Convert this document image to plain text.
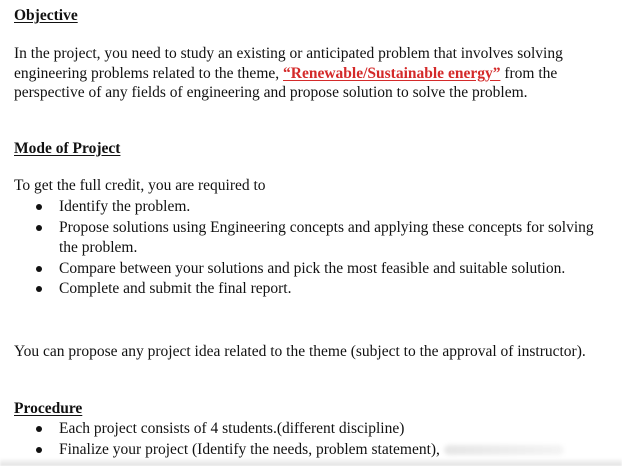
Objective

In the project, you need to study an existing or anticipated problem that involves solving engineering problems related to the theme, “Renewable/Sustainable energy” from the perspective of any fields of engineering and propose solution to solve the problem.

Mode of Project

To get the full credit, you are required to

Identify the problem.
Propose solutions using Engineering concepts and applying these concepts for solving the problem.
Compare between your solutions and pick the most feasible and suitable solution.
Complete and submit the final report.

You can propose any project idea related to the theme (subject to the approval of instructor).

Procedure
Each project consists of 4 students.(different discipline)
Finalize your project (Identify the needs, problem statement),
